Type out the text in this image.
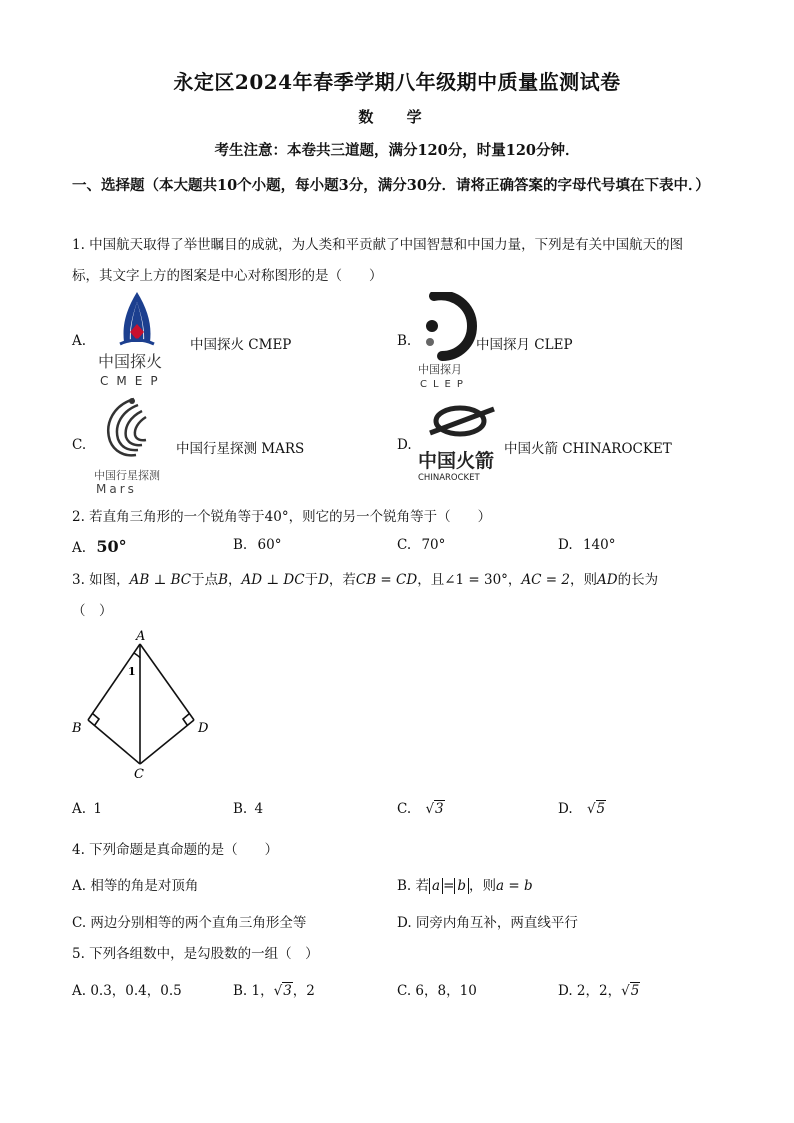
永定区2024年春季学期八年级期中质量监测试卷
数 学
考生注意：本卷共三道题，满分120分，时量120分钟．
一、选择题（本大题共10个小题，每小题3分，满分30分．请将正确答案的字母代号填在下表中．）
1. 中国航天取得了举世瞩目的成就，为人类和平贡献了中国智慧和中国力量，下列是有关中国航天的图
标，其文字上方的图案是中心对称图形的是（　　）
A.
中国探火
CMEP
中国探火 CMEP	B.
中国探月
CLEP
中国探月 CLEP
C.
中国行星探测
Mars
中国行星探测 MARS	D.
中国火箭
CHINAROCKET
中国火箭 CHINAROCKET
2. 若直角三角形的一个锐角等于40°，则它的另一个锐角等于（　　）
A. 50°	B. 60°	C. 70°	D. 140°
3. 如图，AB ⊥ BC于点B，AD ⊥ DC于D，若CB = CD，且∠1 = 30°，AC = 2，则AD的长为
（　）
A
B
C
D
1
A. 1	B. 4	C. √3	D. √5
4. 下列命题是真命题的是（　　）
A. 相等的角是对顶角	B. 若 a = b ，则a = b
C. 两边分别相等的两个直角三角形全等	D. 同旁内角互补，两直线平行
5. 下列各组数中，是勾股数的一组（　）
A. 0.3，0.4，0.5	B. 1，√3，2	C. 6，8，10	D. 2，2，√5
